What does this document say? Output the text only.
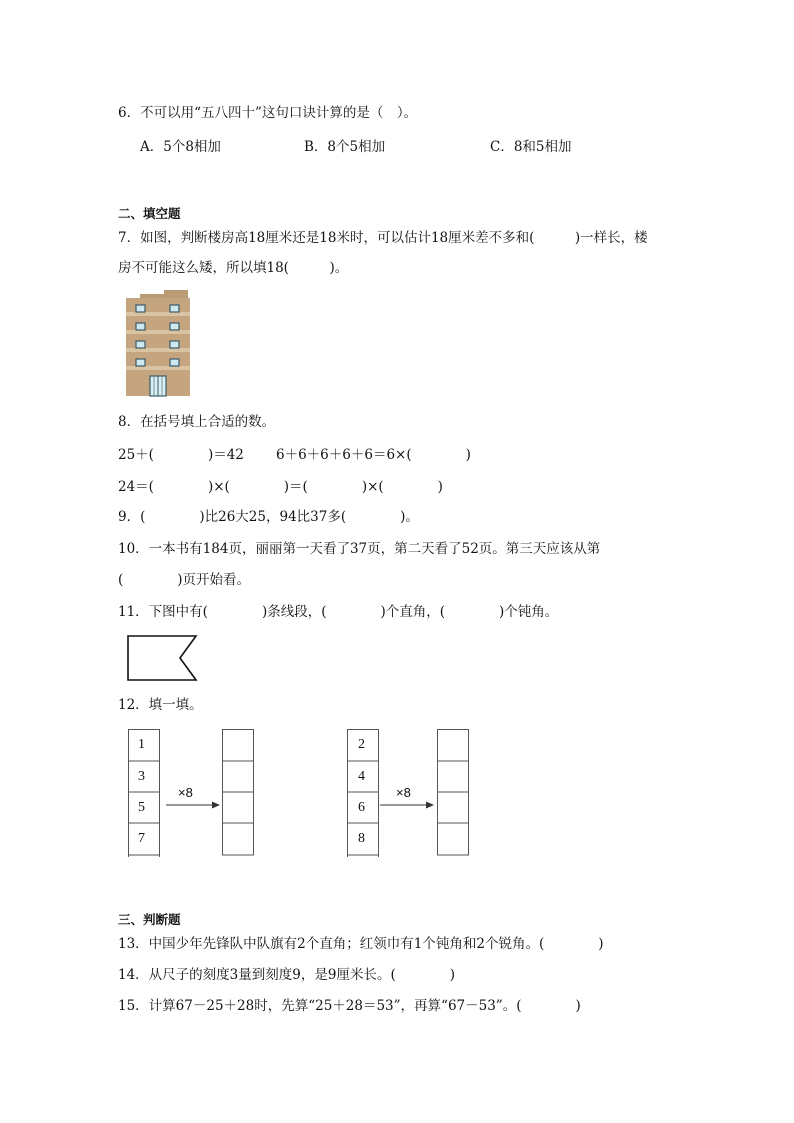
6．不可以用“五八四十”这句口诀计算的是（　）。
A．5个8相加	B．8个5相加	C．8和5相加
二、填空题
7．如图，判断楼房高18厘米还是18米时，可以估计18厘米差不多和(　　　)一样长，楼
房不可能这么矮，所以填18(　　　)。
8．在括号填上合适的数。
25＋(　　　　)＝42 6＋6＋6＋6＋6＝6×(　　　　)
24＝(　　　　)×(　　　　)＝(　　　　)×(　　　　)
9．(　　　　)比26大25，94比37多(　　　　)。
10．一本书有184页，丽丽第一天看了37页，第二天看了52页。第三天应该从第
(　　　　)页开始看。
11．下图中有(　　　　)条线段，(　　　　)个直角，(　　　　)个钝角。
12．填一填。
1
3
5
7
×8
2
4
6
8
×8
三、判断题
13．中国少年先锋队中队旗有2个直角；红领巾有1个钝角和2个锐角。(　　　　)
14．从尺子的刻度3量到刻度9，是9厘米长。(　　　　)
15．计算67－25＋28时，先算“25＋28＝53”，再算“67－53”。(　　　　)
